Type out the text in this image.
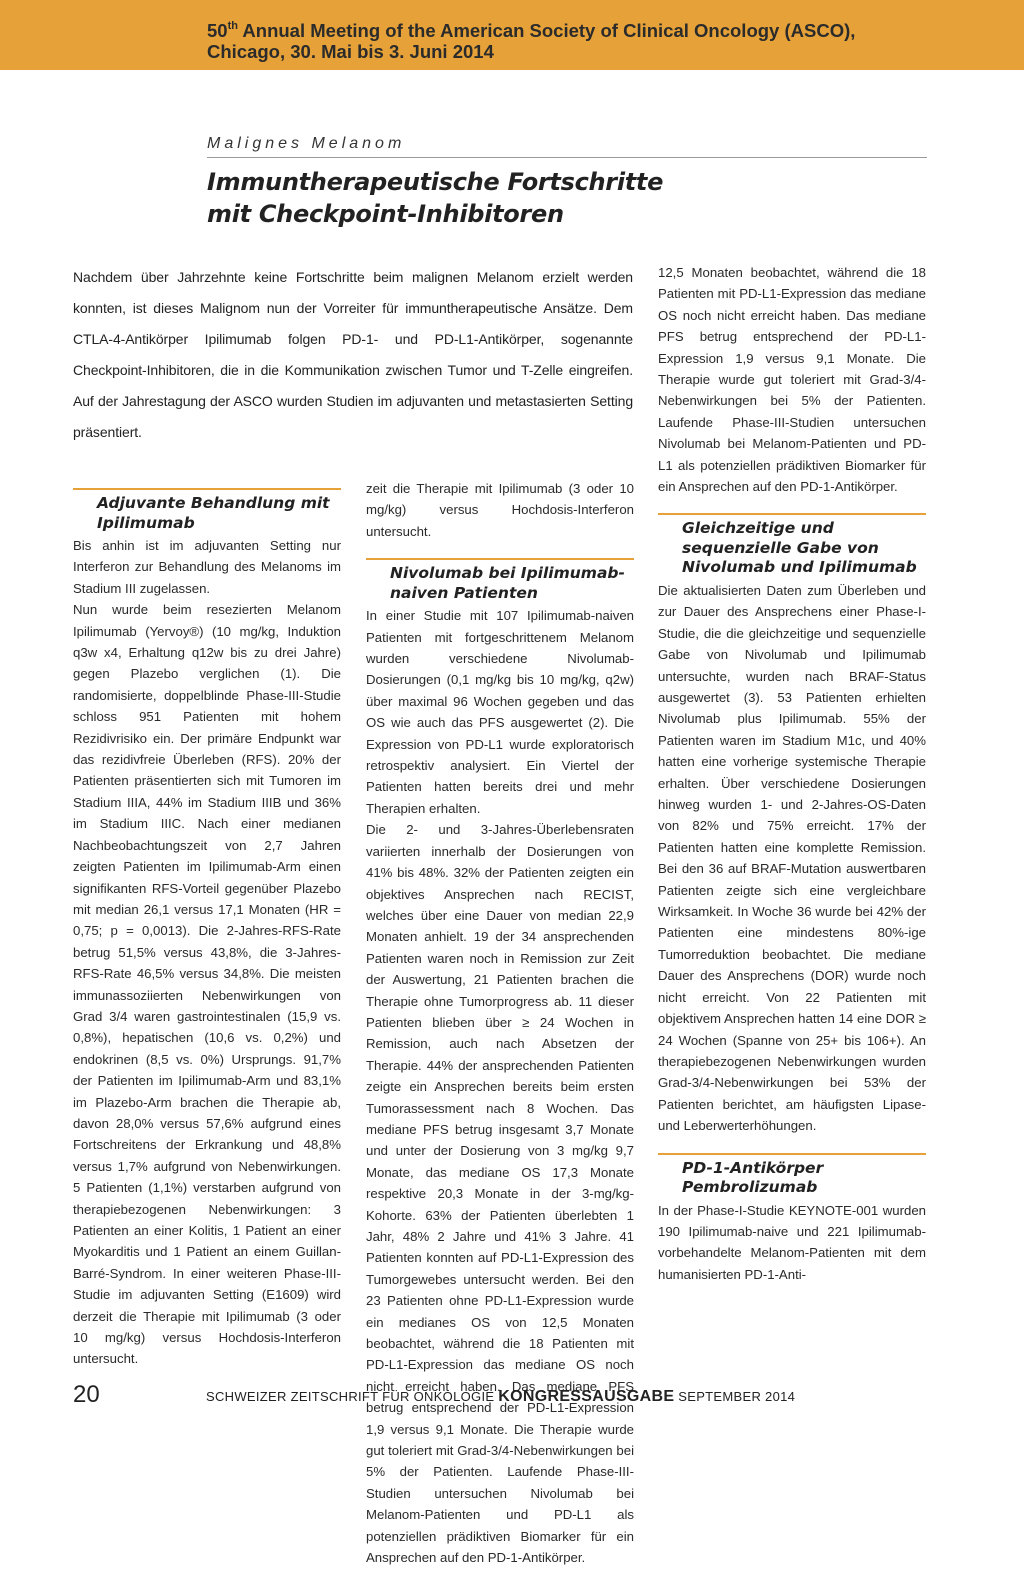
50th Annual Meeting of the American Society of Clinical Oncology (ASCO),
Chicago, 30. Mai bis 3. Juni 2014
Malignes Melanom
Immuntherapeutische Fortschritte
mit Checkpoint-Inhibitoren
Nachdem über Jahrzehnte keine Fortschritte beim malignen Melanom erzielt werden konnten, ist dieses Malignom nun der Vorreiter für immuntherapeutische Ansätze. Dem CTLA-4-Antikörper Ipilimumab folgen PD-1- und PD-L1-Antikörper, sogenannte Checkpoint-Inhibitoren, die in die Kommunikation zwischen Tumor und T-Zelle eingreifen. Auf der Jahrestagung der ASCO wurden Studien im adjuvanten und metastasierten Setting präsentiert.
Adjuvante Behandlung mit Ipilimumab

Bis anhin ist im adjuvanten Setting nur Interferon zur Behandlung des Melanoms im Stadium III zugelassen.

Nun wurde beim resezierten Melanom Ipilimumab (Yervoy®) (10 mg/kg, Induktion q3w x4, Erhaltung q12w bis zu drei Jahre) gegen Plazebo verglichen (1). Die randomisierte, doppelblinde Phase-III-Studie schloss 951 Patienten mit hohem Rezidivrisiko ein. Der primäre Endpunkt war das rezidivfreie Überleben (RFS). 20% der Patienten präsentierten sich mit Tumoren im Stadium IIIA, 44% im Stadium IIIB und 36% im Stadium IIIC. Nach einer medianen Nachbeobachtungszeit von 2,7 Jahren zeigten Patienten im Ipilimumab-Arm einen signifikanten RFS-Vorteil gegenüber Plazebo mit median 26,1 versus 17,1 Monaten (HR = 0,75; p = 0,0013). Die 2-Jahres-RFS-Rate betrug 51,5% versus 43,8%, die 3-Jahres-RFS-Rate 46,5% versus 34,8%. Die meisten immunassoziierten Nebenwirkungen von Grad 3/4 waren gastrointestinalen (15,9 vs. 0,8%), hepatischen (10,6 vs. 0,2%) und endokrinen (8,5 vs. 0%) Ursprungs. 91,7% der Patienten im Ipilimumab-Arm und 83,1% im Plazebo-Arm brachen die Therapie ab, davon 28,0% versus 57,6% aufgrund eines Fortschreitens der Erkrankung und 48,8% versus 1,7% aufgrund von Nebenwirkungen. 5 Patienten (1,1%) verstarben aufgrund von therapiebezogenen Nebenwirkungen: 3 Patienten an einer Kolitis, 1 Patient an einer Myokarditis und 1 Patient an einem Guillan-Barré-Syndrom. In einer weiteren Phase-III-Studie im adjuvanten Setting (E1609) wird derzeit die Therapie mit Ipilimumab (3 oder 10 mg/kg) versus Hochdosis-Interferon untersucht.

zeit die Therapie mit Ipilimumab (3 oder 10 mg/kg) versus Hochdosis-Interferon untersucht.

Nivolumab bei Ipilimumab-naiven Patienten

In einer Studie mit 107 Ipilimumab-naiven Patienten mit fortgeschrittenem Melanom wurden verschiedene Nivolumab-Dosierungen (0,1 mg/kg bis 10 mg/kg, q2w) über maximal 96 Wochen gegeben und das OS wie auch das PFS ausgewertet (2). Die Expression von PD-L1 wurde exploratorisch retrospektiv analysiert. Ein Viertel der Patienten hatten bereits drei und mehr Therapien erhalten.

Die 2- und 3-Jahres-Überlebensraten variierten innerhalb der Dosierungen von 41% bis 48%. 32% der Patienten zeigten ein objektives Ansprechen nach RECIST, welches über eine Dauer von median 22,9 Monaten anhielt. 19 der 34 ansprechenden Patienten waren noch in Remission zur Zeit der Auswertung, 21 Patienten brachen die Therapie ohne Tumorprogress ab. 11 dieser Patienten blieben über ≥ 24 Wochen in Remission, auch nach Absetzen der Therapie. 44% der ansprechenden Patienten zeigte ein Ansprechen bereits beim ersten Tumorassessment nach 8 Wochen. Das mediane PFS betrug insgesamt 3,7 Monate und unter der Dosierung von 3 mg/kg 9,7 Monate, das mediane OS 17,3 Monate respektive 20,3 Monate in der 3-mg/kg-Kohorte. 63% der Patienten überlebten 1 Jahr, 48% 2 Jahre und 41% 3 Jahre. 41 Patienten konnten auf PD-L1-Expression des Tumorgewebes untersucht werden. Bei den 23 Patienten ohne PD-L1-Expression wurde ein medianes OS von 12,5 Monaten beobachtet, während die 18 Patienten mit PD-L1-Expression das mediane OS noch nicht erreicht haben. Das mediane PFS betrug entsprechend der PD-L1-Expression 1,9 versus 9,1 Monate. Die Therapie wurde gut toleriert mit Grad-3/4-Nebenwirkungen bei 5% der Patienten. Laufende Phase-III-Studien untersuchen Nivolumab bei Melanom-Patienten und PD-L1 als potenziellen prädiktiven Biomarker für ein Ansprechen auf den PD-1-Antikörper.

12,5 Monaten beobachtet, während die 18 Patienten mit PD-L1-Expression das mediane OS noch nicht erreicht haben. Das mediane PFS betrug entsprechend der PD-L1-Expression 1,9 versus 9,1 Monate. Die Therapie wurde gut toleriert mit Grad-3/4-Nebenwirkungen bei 5% der Patienten. Laufende Phase-III-Studien untersuchen Nivolumab bei Melanom-Patienten und PD-L1 als potenziellen prädiktiven Biomarker für ein Ansprechen auf den PD-1-Antikörper.

Gleichzeitige und sequenzielle Gabe von Nivolumab und Ipilimumab

Die aktualisierten Daten zum Überleben und zur Dauer des Ansprechens einer Phase-I-Studie, die die gleichzeitige und sequenzielle Gabe von Nivolumab und Ipilimumab untersuchte, wurden nach BRAF-Status ausgewertet (3). 53 Patienten erhielten Nivolumab plus Ipilimumab. 55% der Patienten waren im Stadium M1c, und 40% hatten eine vorherige systemische Therapie erhalten. Über verschiedene Dosierungen hinweg wurden 1- und 2-Jahres-OS-Daten von 82% und 75% erreicht. 17% der Patienten hatten eine komplette Remission. Bei den 36 auf BRAF-Mutation auswertbaren Patienten zeigte sich eine vergleichbare Wirksamkeit. In Woche 36 wurde bei 42% der Patienten eine mindestens 80%-ige Tumorreduktion beobachtet. Die mediane Dauer des Ansprechens (DOR) wurde noch nicht erreicht. Von 22 Patienten mit objektivem Ansprechen hatten 14 eine DOR ≥ 24 Wochen (Spanne von 25+ bis 106+). An therapiebezogenen Nebenwirkungen wurden Grad-3/4-Nebenwirkungen bei 53% der Patienten berichtet, am häufigsten Lipase- und Leberwerterhöhungen.

PD-1-Antikörper Pembrolizumab

In der Phase-I-Studie KEYNOTE-001 wurden 190 Ipilimumab-naive und 221 Ipilimumab-vorbehandelte Melanom-Patienten mit dem humanisierten PD-1-Anti-

20	SCHWEIZER ZEITSCHRIFT FÜR ONKOLOGIE KONGRESSAUSGABE SEPTEMBER 2014
